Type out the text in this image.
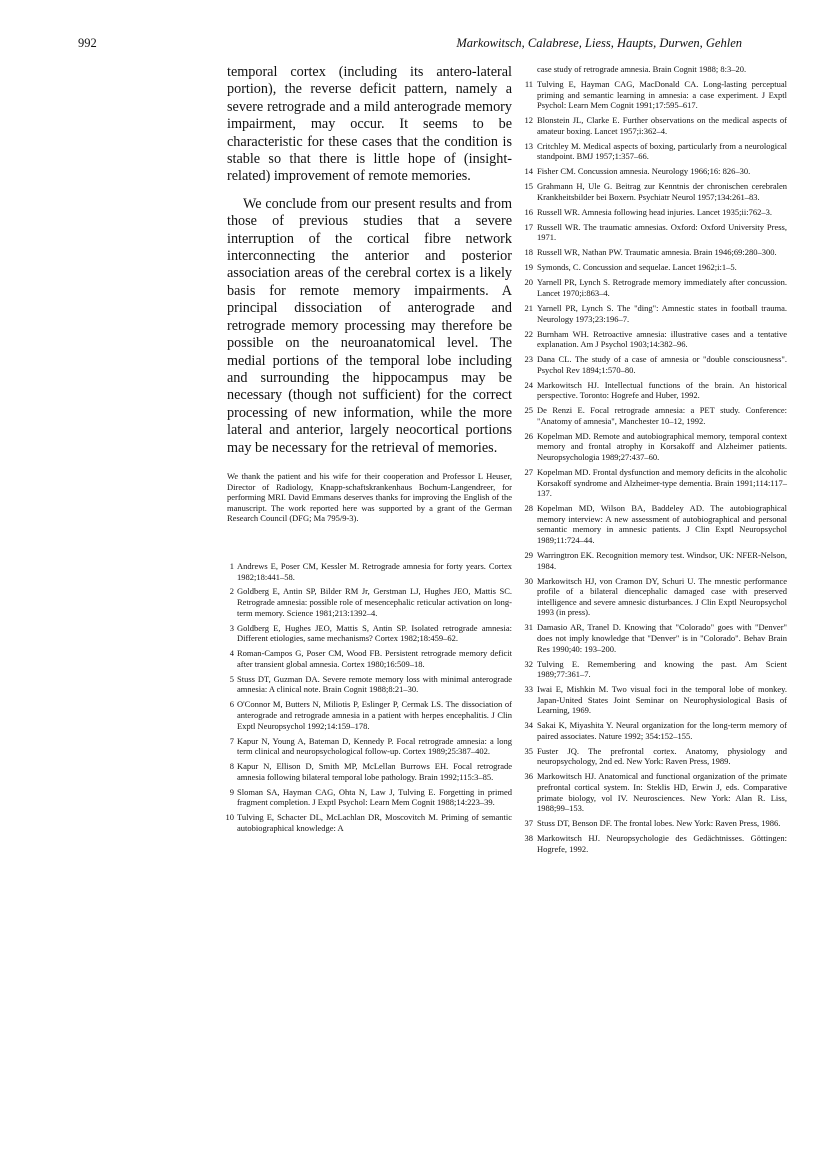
992	Markowitsch, Calabrese, Liess, Haupts, Durwen, Gehlen

temporal cortex (including its antero-lateral portion), the reverse deficit pattern, namely a severe retrograde and a mild anterograde memory impairment, may occur. It seems to be characteristic for these cases that the condition is stable so that there is little hope of (insight-related) improvement of remote memories.

We conclude from our present results and from those of previous studies that a severe interruption of the cortical fibre network interconnecting the anterior and posterior association areas of the cerebral cortex is a likely basis for remote memory impairments. A principal dissociation of anterograde and retrograde memory processing may therefore be possible on the neuroanatomical level. The medial portions of the temporal lobe including and surrounding the hippocampus may be necessary (though not sufficient) for the correct processing of new information, while the more lateral and anterior, largely neocortical portions may be necessary for the retrieval of memories.

We thank the patient and his wife for their cooperation and Professor L Heuser, Director of Radiology, Knapp-schaftskrankenhaus Bochum-Langendreer, for performing MRI. David Emmans deserves thanks for improving the English of the manuscript. The work reported here was supported by a grant of the German Research Council (DFG; Ma 795/9-3).

1 Andrews E, Poser CM, Kessler M. Retrograde amnesia for forty years. Cortex 1982;18:441–58.
2 Goldberg E, Antin SP, Bilder RM Jr, Gerstman LJ, Hughes JEO, Mattis SC. Retrograde amnesia: possible role of mesencephalic reticular activation on long-term memory. Science 1981;213:1392–4.
3 Goldberg E, Hughes JEO, Mattis S, Antin SP. Isolated retrograde amnesia: Different etiologies, same mechanisms? Cortex 1982;18:459–62.
4 Roman-Campos G, Poser CM, Wood FB. Persistent retrograde memory deficit after transient global amnesia. Cortex 1980;16:509–18.
5 Stuss DT, Guzman DA. Severe remote memory loss with minimal anterograde amnesia: A clinical note. Brain Cognit 1988;8:21–30.
6 O'Connor M, Butters N, Miliotis P, Eslinger P, Cermak LS. The dissociation of anterograde and retrograde amnesia in a patient with herpes encephalitis. J Clin Exptl Neuropsychol 1992;14:159–178.
7 Kapur N, Young A, Bateman D, Kennedy P. Focal retrograde amnesia: a long term clinical and neuropsychological follow-up. Cortex 1989;25:387–402.
8 Kapur N, Ellison D, Smith MP, McLellan Burrows EH. Focal retrograde amnesia following bilateral temporal lobe pathology. Brain 1992;115:3–85.
9 Sloman SA, Hayman CAG, Ohta N, Law J, Tulving E. Forgetting in primed fragment completion. J Exptl Psychol: Learn Mem Cognit 1988;14:223–39.
10 Tulving E, Schacter DL, McLachlan DR, Moscovitch M. Priming of semantic autobiographical knowledge: A
case study of retrograde amnesia. Brain Cognit 1988; 8:3–20.
11 Tulving E, Hayman CAG, MacDonald CA. Long-lasting perceptual priming and semantic learning in amnesia: a case experiment. J Exptl Psychol: Learn Mem Cognit 1991;17:595–617.
12 Blonstein JL, Clarke E. Further observations on the medical aspects of amateur boxing. Lancet 1957;i:362–4.
13 Critchley M. Medical aspects of boxing, particularly from a neurological standpoint. BMJ 1957;1:357–66.
14 Fisher CM. Concussion amnesia. Neurology 1966;16: 826–30.
15 Grahmann H, Ule G. Beitrag zur Kenntnis der chronischen cerebralen Krankheitsbilder bei Boxern. Psychiatr Neurol 1957;134:261–83.
16 Russell WR. Amnesia following head injuries. Lancet 1935;ii:762–3.
17 Russell WR. The traumatic amnesias. Oxford: Oxford University Press, 1971.
18 Russell WR, Nathan PW. Traumatic amnesia. Brain 1946;69:280–300.
19 Symonds, C. Concussion and sequelae. Lancet 1962;i:1–5.
20 Yarnell PR, Lynch S. Retrograde memory immediately after concussion. Lancet 1970;i:863–4.
21 Yarnell PR, Lynch S. The "ding": Amnestic states in football trauma. Neurology 1973;23:196–7.
22 Burnham WH. Retroactive amnesia: illustrative cases and a tentative explanation. Am J Psychol 1903;14:382–96.
23 Dana CL. The study of a case of amnesia or "double consciousness". Psychol Rev 1894;1:570–80.
24 Markowitsch HJ. Intellectual functions of the brain. An historical perspective. Toronto: Hogrefe and Huber, 1992.
25 De Renzi E. Focal retrograde amnesia: a PET study. Conference: "Anatomy of amnesia", Manchester 10–12, 1992.
26 Kopelman MD. Remote and autobiographical memory, temporal context memory and frontal atrophy in Korsakoff and Alzheimer patients. Neuropsychologia 1989;27:437–60.
27 Kopelman MD. Frontal dysfunction and memory deficits in the alcoholic Korsakoff syndrome and Alzheimer-type dementia. Brain 1991;114:117–137.
28 Kopelman MD, Wilson BA, Baddeley AD. The autobiographical memory interview: A new assessment of autobiographical and personal semantic memory in amnesic patients. J Clin Exptl Neuropsychol 1989;11:724–44.
29 Warringtron EK. Recognition memory test. Windsor, UK: NFER-Nelson, 1984.
30 Markowitsch HJ, von Cramon DY, Schuri U. The mnestic performance profile of a bilateral diencephalic damaged case with preserved intelligence and severe amnesic disturbances. J Clin Exptl Neuropsychol 1993 (in press).
31 Damasio AR, Tranel D. Knowing that "Colorado" goes with "Denver" does not imply knowledge that "Denver" is in "Colorado". Behav Brain Res 1990;40: 193–200.
32 Tulving E. Remembering and knowing the past. Am Scient 1989;77:361–7.
33 Iwai E, Mishkin M. Two visual foci in the temporal lobe of monkey. Japan-United States Joint Seminar on Neurophysiological Basis of Learning, 1969.
34 Sakai K, Miyashita Y. Neural organization for the long-term memory of paired associates. Nature 1992; 354:152–155.
35 Fuster JQ. The prefrontal cortex. Anatomy, physiology and neuropsychology, 2nd ed. New York: Raven Press, 1989.
36 Markowitsch HJ. Anatomical and functional organization of the primate prefrontal cortical system. In: Steklis HD, Erwin J, eds. Comparative primate biology, vol IV. Neurosciences. New York: Alan R. Liss, 1988;99–153.
37 Stuss DT, Benson DF. The frontal lobes. New York: Raven Press, 1986.
38 Markowitsch HJ. Neuropsychologie des Gedächtnisses. Göttingen: Hogrefe, 1992.
